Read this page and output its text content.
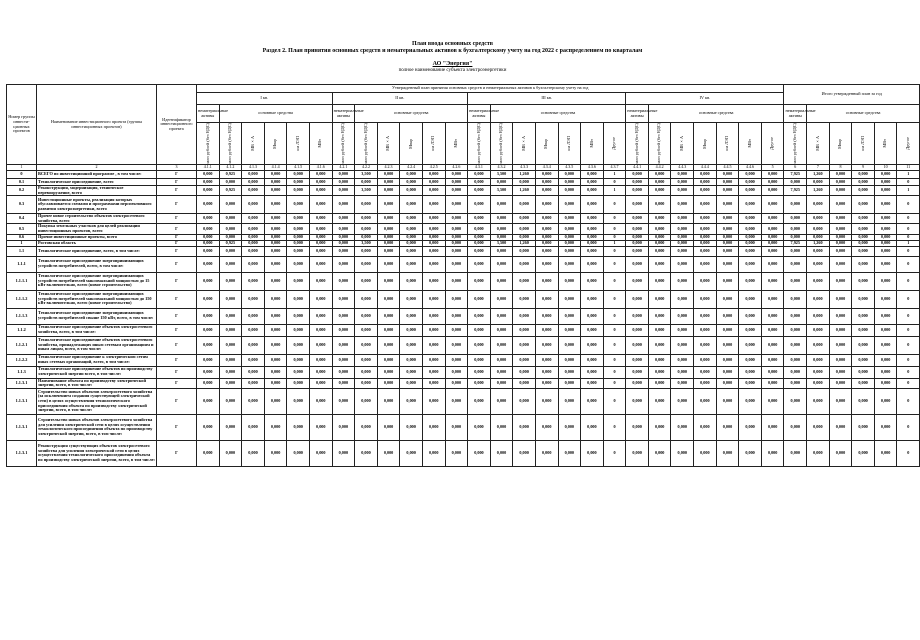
План ввода основных средств
Раздел 2. План принятия основных средств и нематериальных активов к бухгалтерскому учету на год 2022 с распределением по кварталам
АО "Энергия"
полное наименование субъекта электроэнергетики
Номер группы инвести-ционных проектов	Наименование инвестиционного проекта (группы инвестиционных проектов)	Идентификатор инвестиционного проекта	Утвержденный план принятия основных средств и нематериальных активов к бухгалтерскому учету на год																										Итого утвержденный план за год					
			I кв.						II кв.						III кв.							IV кв.												
			нематериальные активы	основные средства					нематериальные активы	основные средства					нематериальные активы	основные средства						нематериальные активы	основные средства						нематериальные активы	основные средства				

			млн рублей (без НДС)	млн рублей (без НДС)	МВ×А	Мвар	км ЛЭП	МВт	млн рублей (без НДС)	млн рублей (без НДС)	МВ×А	Мвар	км ЛЭП	МВт	млн рублей (без НДС)	млн рублей (без НДС)	МВ×А	Мвар	км ЛЭП	МВт	Другое	млн рублей (без НДС)	млн рублей (без НДС)	МВ×А	Мвар	км ЛЭП	МВт	Другое	млн рублей (без НДС)	МВ×А	Мвар	км ЛЭП	МВт	Другое

1	2	3	4.1.1	4.1.2	4.1.3	4.1.4	4.1.5	4.1.6	4.2.1	4.2.2	4.2.3	4.2.4	4.2.5	4.2.6	4.3.1	4.3.2	4.3.3	4.3.4	4.3.5	4.3.6	4.3.7	4.4.1	4.4.2	4.4.3	4.4.4	4.4.5	4.4.6	5	6	7	8	9	10	11
0	ВСЕГО по инвестиционной программе , в том числе:	Г	0,000	0,925	0,000	0,000	0,000	0,000	0,000	3,500	0,000	0,000	0,000	0,000	0,000	3,500	1,260	0,000	0,000	0,000	1	0,000	0,000	0,000	0,000	0,000	0,000	0,000	7,925	1,260	0,000	0,000	0,000	1
0.1	Технологическое присоединение, всего	Г	0,000	0,000	0,000	0,000	0,000	0,000	0,000	0,000	0,000	0,000	0,000	0,000	0,000	0,000	0,000	0,000	0,000	0,000	0	0,000	0,000	0,000	0,000	0,000	0,000	0,000	0,000	0,000	0,000	0,000	0,000	0
0.2	Реконструкция, модернизация, техническое перевооружение, всего	Г	0,000	0,925	0,000	0,000	0,000	0,000	0,000	3,500	0,000	0,000	0,000	0,000	0,000	3,500	1,260	0,000	0,000	0,000	1	0,000	0,000	0,000	0,000	0,000	0,000	0,000	7,925	1,260	0,000	0,000	0,000	1
0.3	Инвестиционные проекты, реализация которых обуславливается схемами и программами перспективного развития электроэнергетики, всего	Г	0,000	0,000	0,000	0,000	0,000	0,000	0,000	0,000	0,000	0,000	0,000	0,000	0,000	0,000	0,000	0,000	0,000	0,000	0	0,000	0,000	0,000	0,000	0,000	0,000	0,000	0,000	0,000	0,000	0,000	0,000	0
0.4	Прочее новое строительство объектов электросетевого хозяйства, всего	Г	0,000	0,000	0,000	0,000	0,000	0,000	0,000	0,000	0,000	0,000	0,000	0,000	0,000	0,000	0,000	0,000	0,000	0,000	0	0,000	0,000	0,000	0,000	0,000	0,000	0,000	0,000	0,000	0,000	0,000	0,000	0
0.5	Покупка земельных участков для целей реализации инвестиционных проектов, всего	Г	0,000	0,000	0,000	0,000	0,000	0,000	0,000	0,000	0,000	0,000	0,000	0,000	0,000	0,000	0,000	0,000	0,000	0,000	0	0,000	0,000	0,000	0,000	0,000	0,000	0,000	0,000	0,000	0,000	0,000	0,000	0
0.6	Прочие инвестиционные проекты, всего	Г	0,000	0,000	0,000	0,000	0,000	0,000	0,000	0,000	0,000	0,000	0,000	0,000	0,000	0,000	0,000	0,000	0,000	0,000	0	0,000	0,000	0,000	0,000	0,000	0,000	0,000	0,000	0,000	0,000	0,000	0,000	0
1	Ростовская область	Г	0,000	0,925	0,000	0,000	0,000	0,000	0,000	3,500	0,000	0,000	0,000	0,000	0,000	3,500	1,260	0,000	0,000	0,000	1	0,000	0,000	0,000	0,000	0,000	0,000	0,000	7,925	1,260	0,000	0,000	0,000	1
1.1	Технологическое присоединение, всего, в том числе:	Г	0,000	0,000	0,000	0,000	0,000	0,000	0,000	0,000	0,000	0,000	0,000	0,000	0,000	0,000	0,000	0,000	0,000	0,000	0	0,000	0,000	0,000	0,000	0,000	0,000	0,000	0,000	0,000	0,000	0,000	0,000	0
1.1.1	Технологическое присоединение энергопринимающих устройств потребителей, всего, в том числе:	Г	0,000	0,000	0,000	0,000	0,000	0,000	0,000	0,000	0,000	0,000	0,000	0,000	0,000	0,000	0,000	0,000	0,000	0,000	0	0,000	0,000	0,000	0,000	0,000	0,000	0,000	0,000	0,000	0,000	0,000	0,000	0
1.1.1.1	Технологическое присоединение энергопринимающих устройств потребителей максимальной мощностью до 15 кВт включительно, всего (новое строительство)	Г	0,000	0,000	0,000	0,000	0,000	0,000	0,000	0,000	0,000	0,000	0,000	0,000	0,000	0,000	0,000	0,000	0,000	0,000	0	0,000	0,000	0,000	0,000	0,000	0,000	0,000	0,000	0,000	0,000	0,000	0,000	0
1.1.1.2	Технологическое присоединение энергопринимающих устройств потребителей максимальной мощностью до 150 кВт включительно, всего (новое строительство)	Г	0,000	0,000	0,000	0,000	0,000	0,000	0,000	0,000	0,000	0,000	0,000	0,000	0,000	0,000	0,000	0,000	0,000	0,000	0	0,000	0,000	0,000	0,000	0,000	0,000	0,000	0,000	0,000	0,000	0,000	0,000	0
1.1.1.3	Технологическое присоединение энергопринимающих устройств потребителей свыше 150 кВт, всего, в том числе:	Г	0,000	0,000	0,000	0,000	0,000	0,000	0,000	0,000	0,000	0,000	0,000	0,000	0,000	0,000	0,000	0,000	0,000	0,000	0	0,000	0,000	0,000	0,000	0,000	0,000	0,000	0,000	0,000	0,000	0,000	0,000	0
1.1.2	Технологическое присоединение объектов электросетевого хозяйства, всего, в том числе:	Г	0,000	0,000	0,000	0,000	0,000	0,000	0,000	0,000	0,000	0,000	0,000	0,000	0,000	0,000	0,000	0,000	0,000	0,000	0	0,000	0,000	0,000	0,000	0,000	0,000	0,000	0,000	0,000	0,000	0,000	0,000	0
1.1.2.1	Технологическое присоединение объектов электросетевого хозяйства, принадлежащих иным сетевым организациям и иным лицам, всего, в том числе:	Г	0,000	0,000	0,000	0,000	0,000	0,000	0,000	0,000	0,000	0,000	0,000	0,000	0,000	0,000	0,000	0,000	0,000	0,000	0	0,000	0,000	0,000	0,000	0,000	0,000	0,000	0,000	0,000	0,000	0,000	0,000	0
1.1.2.2	Технологическое присоединение к электрическим сетям иных сетевых организаций, всего, в том числе:	Г	0,000	0,000	0,000	0,000	0,000	0,000	0,000	0,000	0,000	0,000	0,000	0,000	0,000	0,000	0,000	0,000	0,000	0,000	0	0,000	0,000	0,000	0,000	0,000	0,000	0,000	0,000	0,000	0,000	0,000	0,000	0
1.1.3	Технологическое присоединение объектов по производству электрической энергии всего, в том числе:	Г	0,000	0,000	0,000	0,000	0,000	0,000	0,000	0,000	0,000	0,000	0,000	0,000	0,000	0,000	0,000	0,000	0,000	0,000	0	0,000	0,000	0,000	0,000	0,000	0,000	0,000	0,000	0,000	0,000	0,000	0,000	0
1.1.3.1	Наименование объекта по производству электрической энергии, всего, в том числе:	Г	0,000	0,000	0,000	0,000	0,000	0,000	0,000	0,000	0,000	0,000	0,000	0,000	0,000	0,000	0,000	0,000	0,000	0,000	0	0,000	0,000	0,000	0,000	0,000	0,000	0,000	0,000	0,000	0,000	0,000	0,000	0
1.1.3.1	Строительство новых объектов электросетевого хозяйства (за исключением создания существующей электрической сети) в целях осуществления технологического присоединения объекта по производству электрической энергии, всего, в том числе:	Г	0,000	0,000	0,000	0,000	0,000	0,000	0,000	0,000	0,000	0,000	0,000	0,000	0,000	0,000	0,000	0,000	0,000	0,000	0	0,000	0,000	0,000	0,000	0,000	0,000	0,000	0,000	0,000	0,000	0,000	0,000	0
1.1.3.1	Строительство новых объектов электросетевого хозяйства для усиления электрической сети в целях осуществления технологического присоединения объекта по производству электрической энергии, всего, в том числе:	Г	0,000	0,000	0,000	0,000	0,000	0,000	0,000	0,000	0,000	0,000	0,000	0,000	0,000	0,000	0,000	0,000	0,000	0,000	0	0,000	0,000	0,000	0,000	0,000	0,000	0,000	0,000	0,000	0,000	0,000	0,000	0
1.1.3.1	Реконструкция существующих объектов электросетевого хозяйства для усиления электрической сети в целях осуществления технологического присоединения объекта по производству электрической энергии, всего, в том числе:	Г	0,000	0,000	0,000	0,000	0,000	0,000	0,000	0,000	0,000	0,000	0,000	0,000	0,000	0,000	0,000	0,000	0,000	0,000	0	0,000	0,000	0,000	0,000	0,000	0,000	0,000	0,000	0,000	0,000	0,000	0,000	0
